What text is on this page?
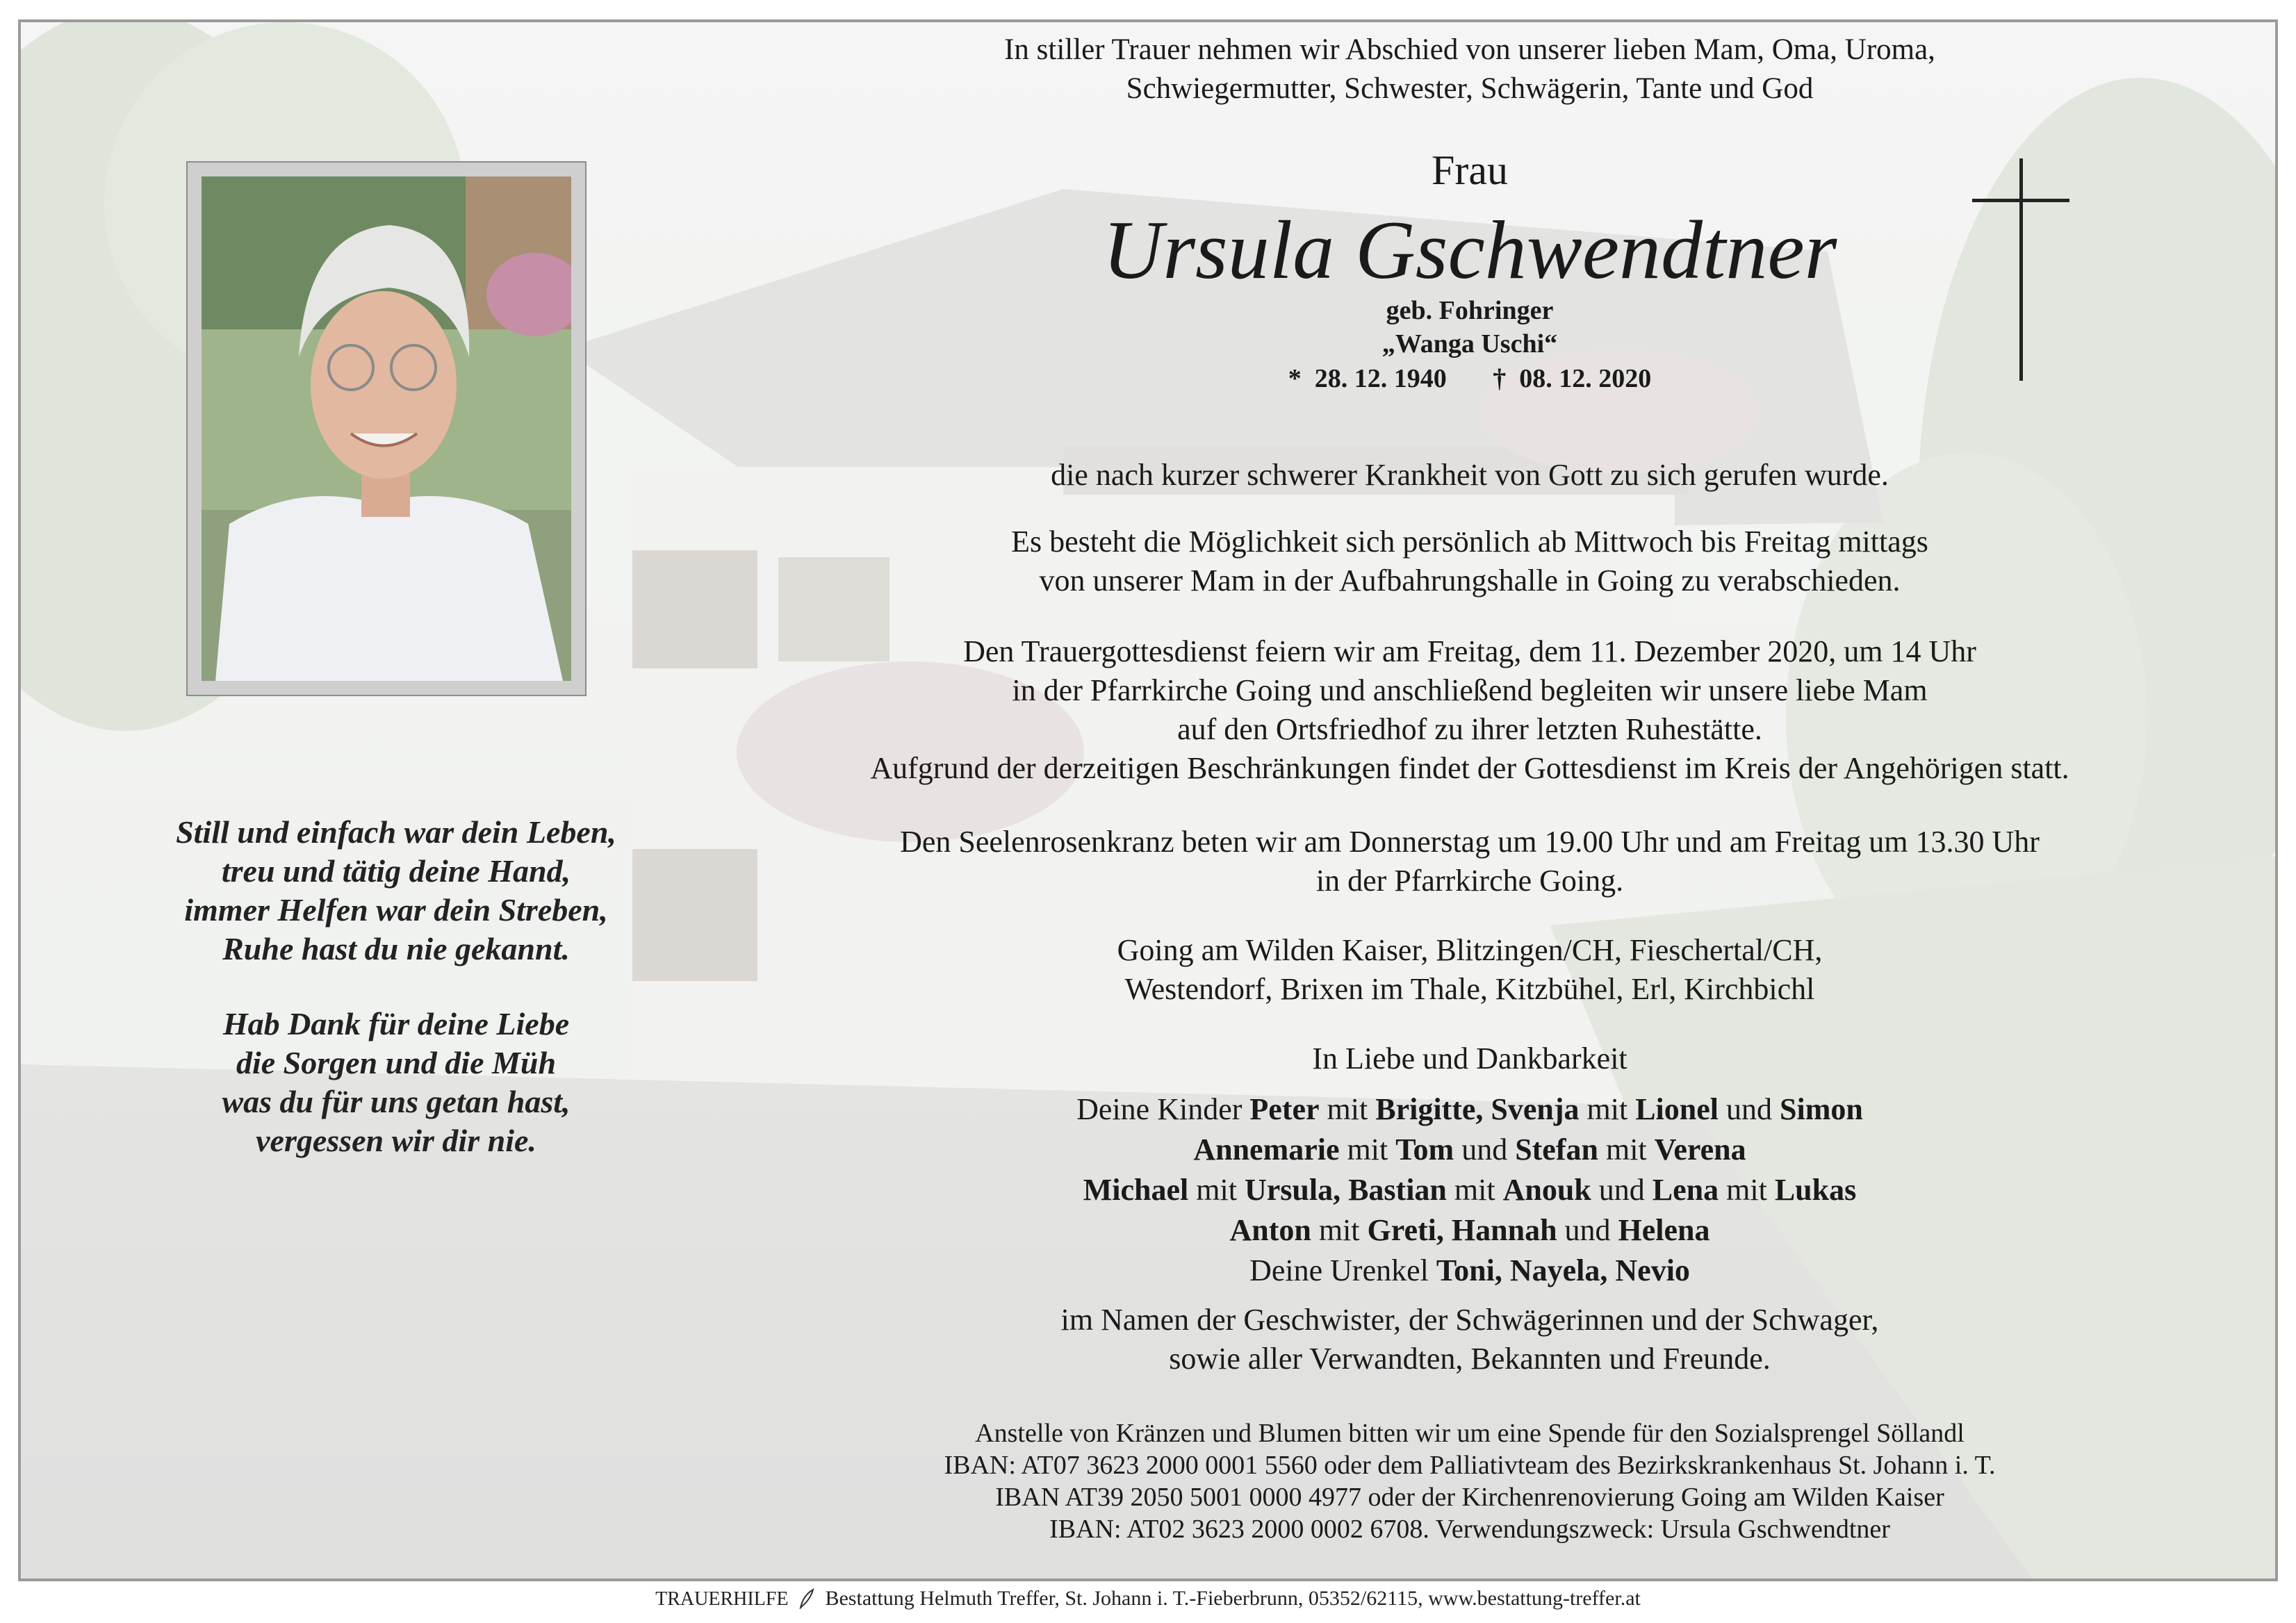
Still und einfach war dein Leben,
treu und tätig deine Hand,
immer Helfen war dein Streben,
Ruhe hast du nie gekannt.
Hab Dank für deine Liebe
die Sorgen und die Müh
was du für uns getan hast,
vergessen wir dir nie.
In stiller Trauer nehmen wir Abschied von unserer lieben Mam, Oma, Uroma,
Schwiegermutter, Schwester, Schwägerin, Tante und God
Frau
Ursula Gschwendtner
geb. Fohringer
„Wanga Uschi“
* 28. 12. 1940 † 08. 12. 2020
die nach kurzer schwerer Krankheit von Gott zu sich gerufen wurde.
Es besteht die Möglichkeit sich persönlich ab Mittwoch bis Freitag mittags
von unserer Mam in der Aufbahrungshalle in Going zu verabschieden.
Den Trauergottesdienst feiern wir am Freitag, dem 11. Dezember 2020, um 14 Uhr
in der Pfarrkirche Going und anschließend begleiten wir unsere liebe Mam
auf den Ortsfriedhof zu ihrer letzten Ruhestätte.
Aufgrund der derzeitigen Beschränkungen findet der Gottesdienst im Kreis der Angehörigen statt.
Den Seelenrosenkranz beten wir am Donnerstag um 19.00 Uhr und am Freitag um 13.30 Uhr
in der Pfarrkirche Going.
Going am Wilden Kaiser, Blitzingen/CH, Fieschertal/CH,
Westendorf, Brixen im Thale, Kitzbühel, Erl, Kirchbichl
In Liebe und Dankbarkeit
Deine Kinder Peter mit Brigitte, Svenja mit Lionel und Simon
Annemarie mit Tom und Stefan mit Verena
Michael mit Ursula, Bastian mit Anouk und Lena mit Lukas
Anton mit Greti, Hannah und Helena
Deine Urenkel Toni, Nayela, Nevio
im Namen der Geschwister, der Schwägerinnen und der Schwager,
sowie aller Verwandten, Bekannten und Freunde.
Anstelle von Kränzen und Blumen bitten wir um eine Spende für den Sozialsprengel Söllandl
IBAN: AT07 3623 2000 0001 5560 oder dem Palliativteam des Bezirkskrankenhaus St. Johann i. T.
IBAN AT39 2050 5001 0000 4977 oder der Kirchenrenovierung Going am Wilden Kaiser
IBAN: AT02 3623 2000 0002 6708. Verwendungszweck: Ursula Gschwendtner
TRAUERHILFE Bestattung Helmuth Treffer, St. Johann i. T.-Fieberbrunn, 05352/62115, www.bestattung-treffer.at
